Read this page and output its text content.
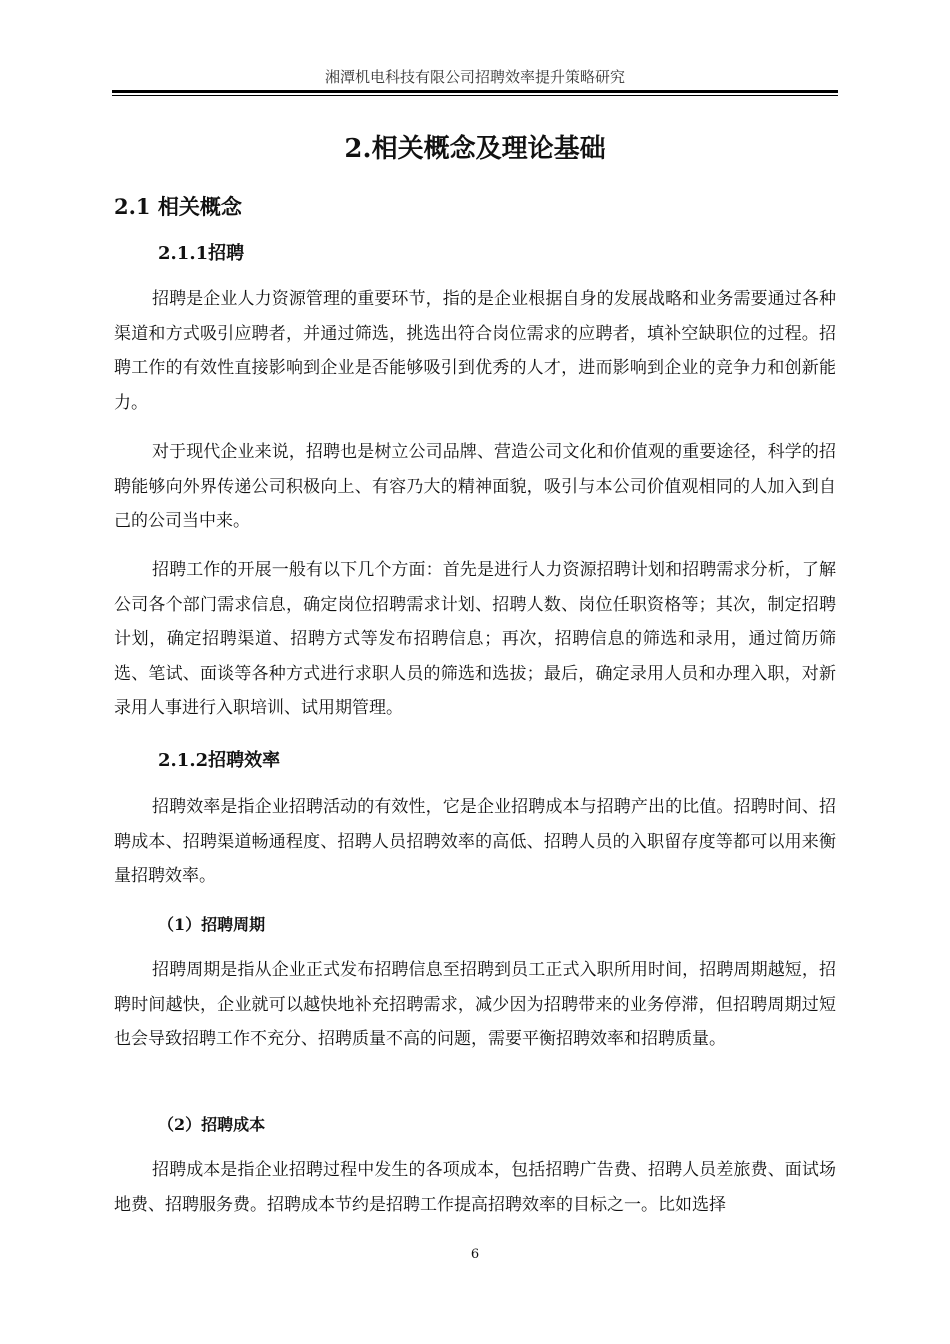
湘潭机电科技有限公司招聘效率提升策略研究
2.相关概念及理论基础
2.1 相关概念
2.1.1招聘

招聘是企业人力资源管理的重要环节，指的是企业根据自身的发展战略和业务需要通过各种渠道和方式吸引应聘者，并通过筛选，挑选出符合岗位需求的应聘者，填补空缺职位的过程。招聘工作的有效性直接影响到企业是否能够吸引到优秀的人才，进而影响到企业的竞争力和创新能力。

对于现代企业来说，招聘也是树立公司品牌、营造公司文化和价值观的重要途径，科学的招聘能够向外界传递公司积极向上、有容乃大的精神面貌，吸引与本公司价值观相同的人加入到自己的公司当中来。

招聘工作的开展一般有以下几个方面：首先是进行人力资源招聘计划和招聘需求分析，了解公司各个部门需求信息，确定岗位招聘需求计划、招聘人数、岗位任职资格等；其次，制定招聘计划，确定招聘渠道、招聘方式等发布招聘信息；再次，招聘信息的筛选和录用，通过简历筛选、笔试、面谈等各种方式进行求职人员的筛选和选拔；最后，确定录用人员和办理入职，对新录用人事进行入职培训、试用期管理。

2.1.2招聘效率

招聘效率是指企业招聘活动的有效性，它是企业招聘成本与招聘产出的比值。招聘时间、招聘成本、招聘渠道畅通程度、招聘人员招聘效率的高低、招聘人员的入职留存度等都可以用来衡量招聘效率。

（1）招聘周期

招聘周期是指从企业正式发布招聘信息至招聘到员工正式入职所用时间，招聘周期越短，招聘时间越快，企业就可以越快地补充招聘需求，减少因为招聘带来的业务停滞，但招聘周期过短也会导致招聘工作不充分、招聘质量不高的问题，需要平衡招聘效率和招聘质量。

（2）招聘成本

招聘成本是指企业招聘过程中发生的各项成本，包括招聘广告费、招聘人员差旅费、面试场地费、招聘服务费。招聘成本节约是招聘工作提高招聘效率的目标之一。比如选择

6
